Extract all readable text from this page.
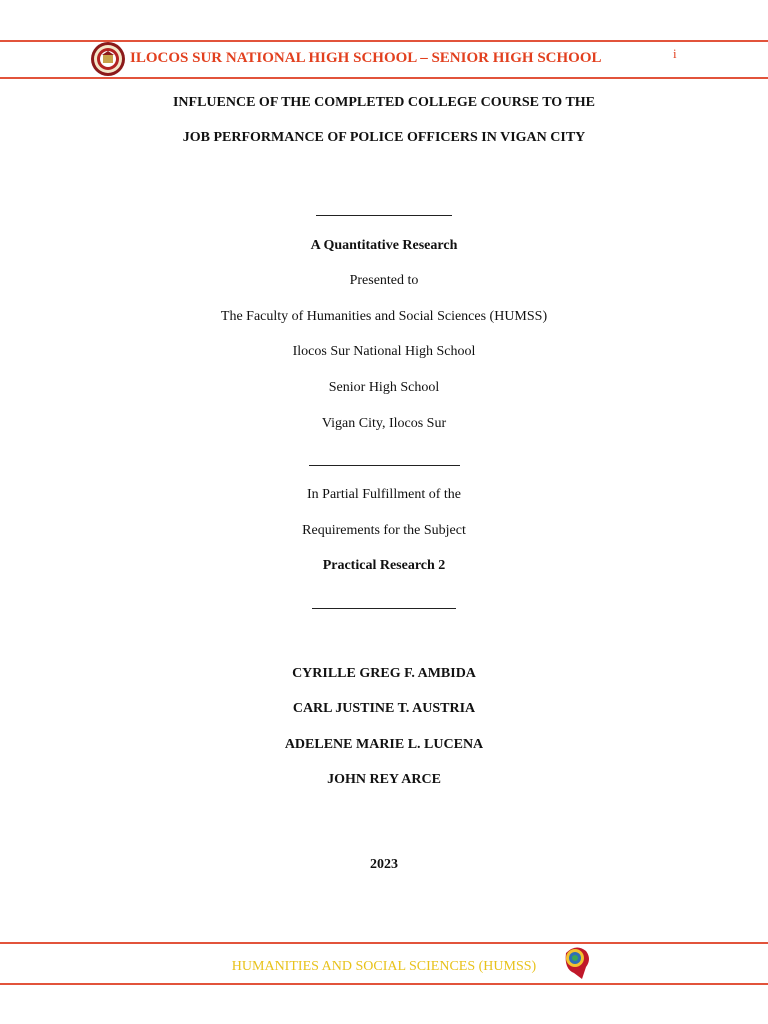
ILOCOS SUR NATIONAL HIGH SCHOOL – SENIOR HIGH SCHOOL	i
INFLUENCE OF THE COMPLETED COLLEGE COURSE TO THE
JOB PERFORMANCE OF POLICE OFFICERS IN VIGAN CITY
A Quantitative Research
Presented to
The Faculty of Humanities and Social Sciences (HUMSS)
Ilocos Sur National High School
Senior High School
Vigan City, Ilocos Sur
In Partial Fulfillment of the
Requirements for the Subject
Practical Research 2
CYRILLE GREG F. AMBIDA
CARL JUSTINE T. AUSTRIA
ADELENE MARIE L. LUCENA
JOHN REY ARCE
2023
HUMANITIES AND SOCIAL SCIENCES (HUMSS)
